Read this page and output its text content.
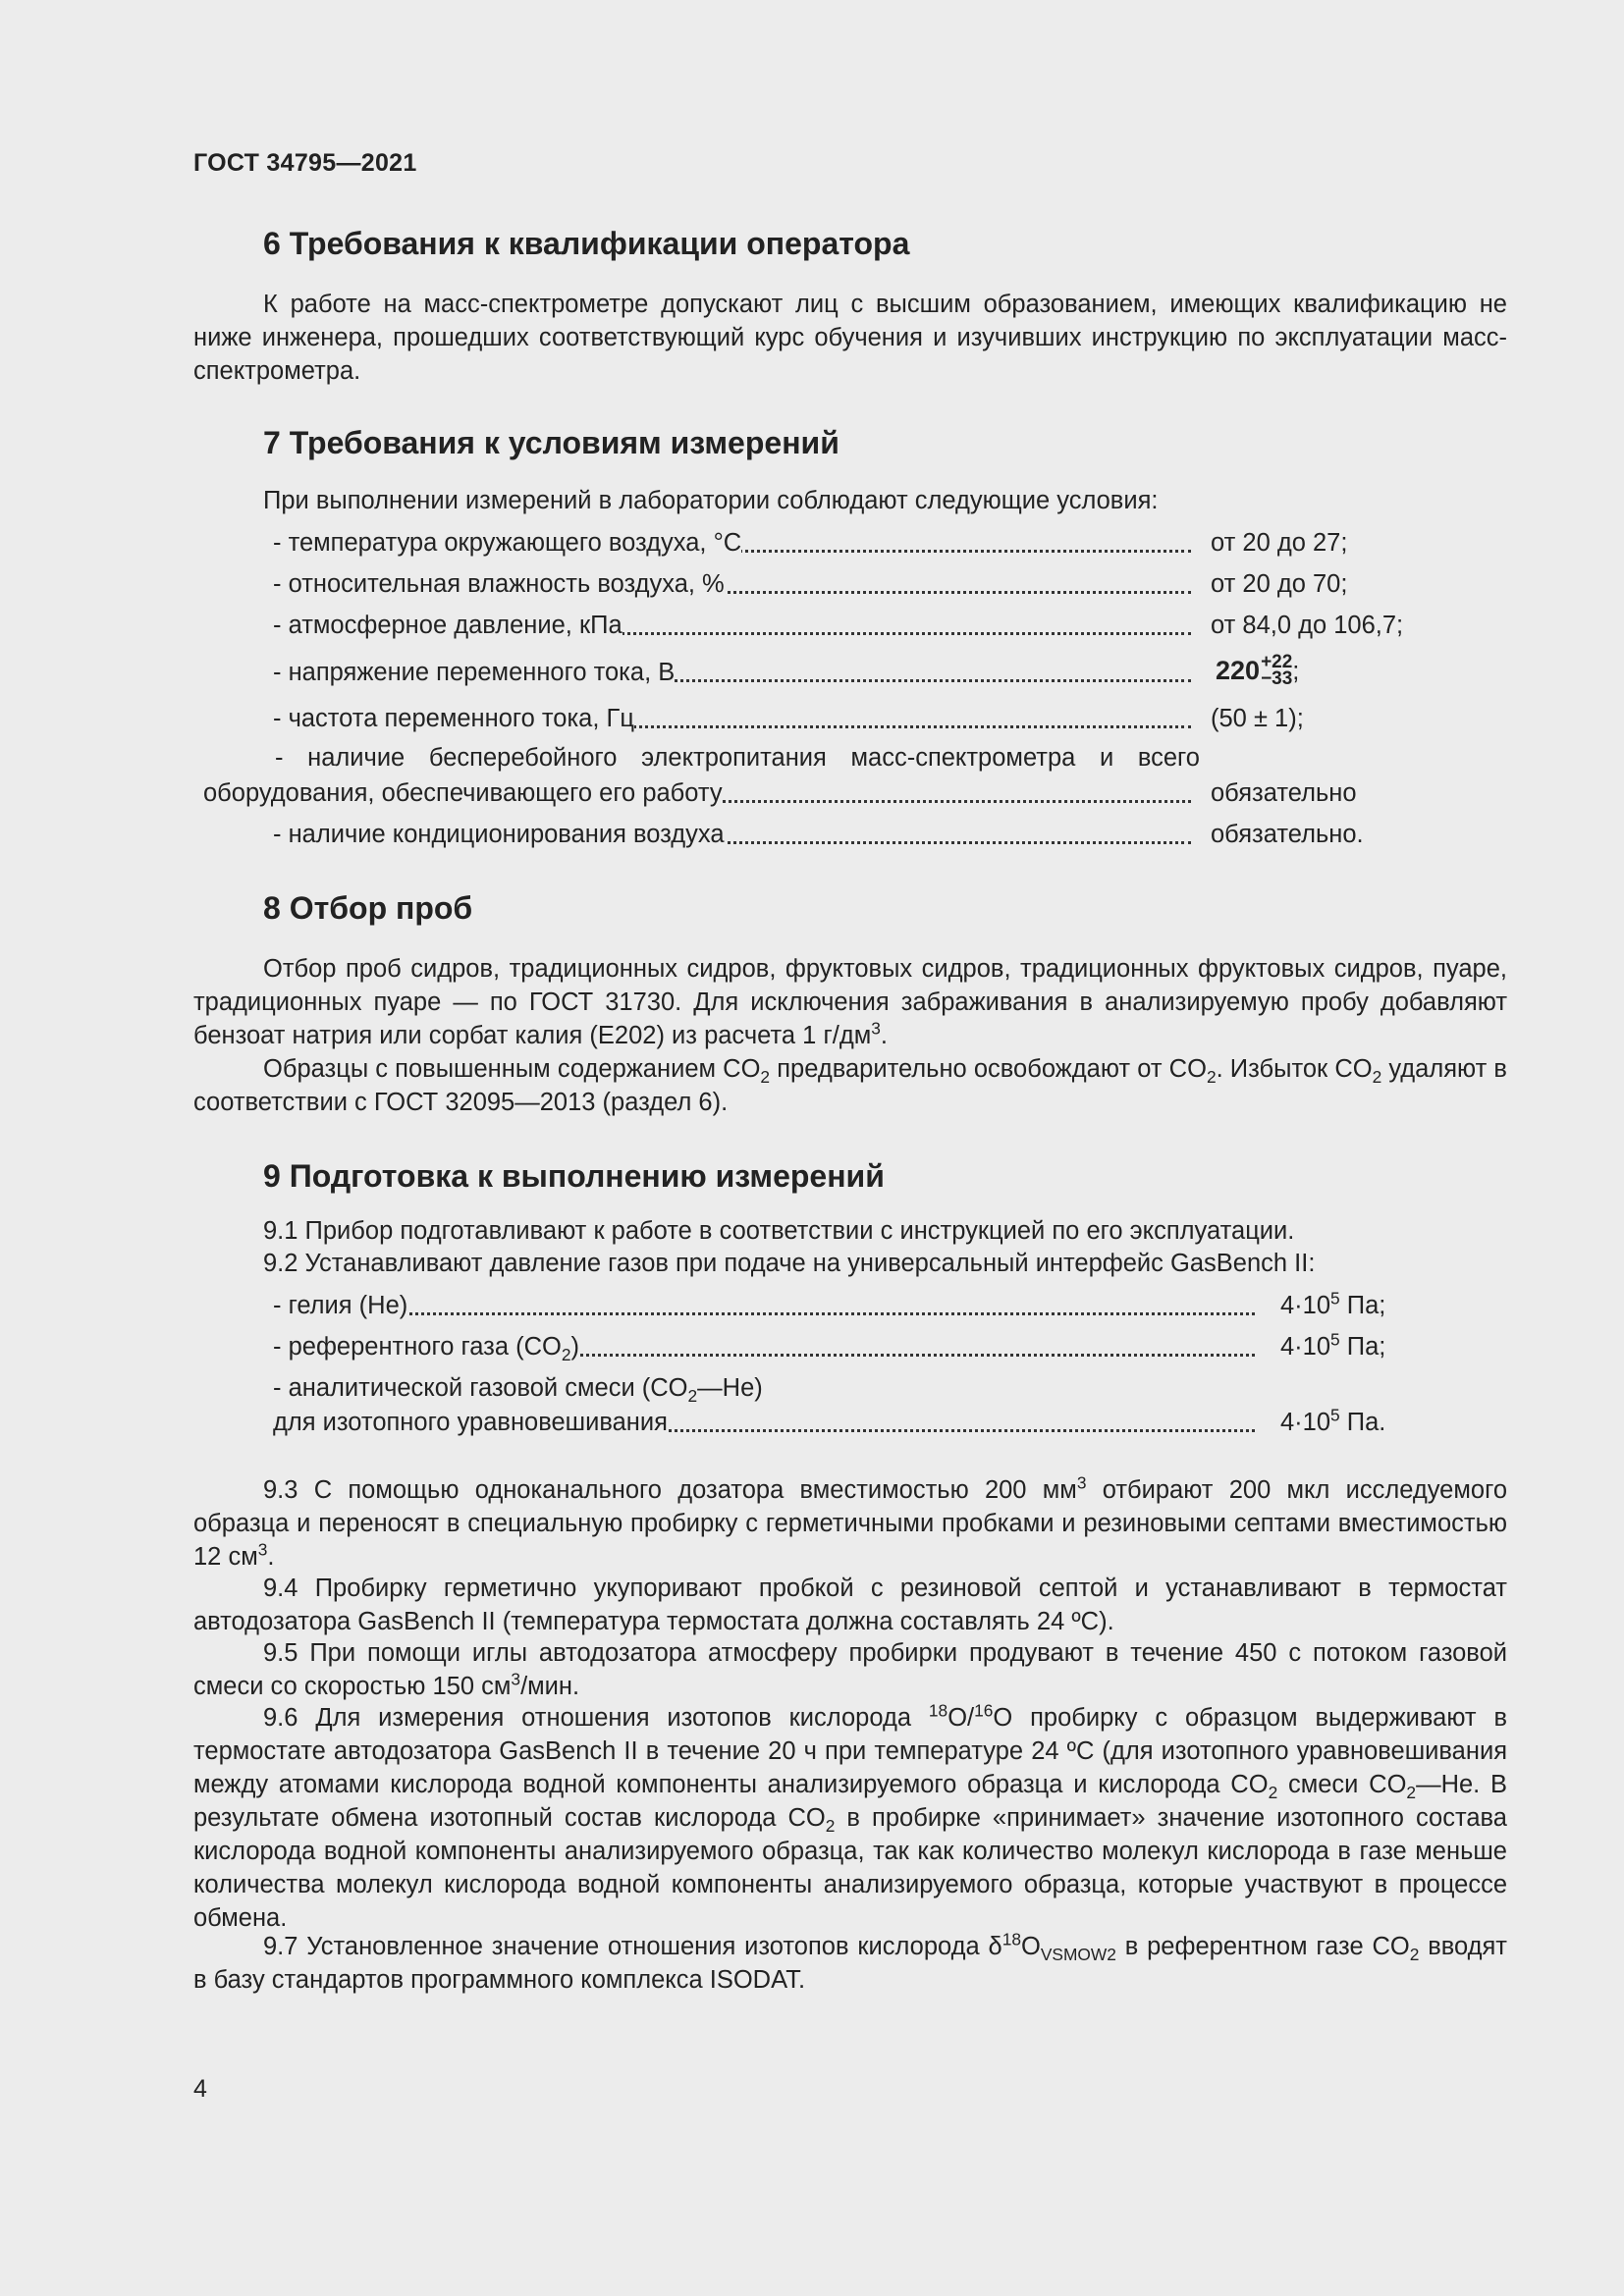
ГОСТ 34795—2021
6 Требования к квалификации оператора

К работе на масс-спектрометре допускают лиц с высшим образованием, имеющих квалификацию не ниже инженера, прошедших соответствующий курс обучения и изучивших инструкцию по эксплуатации масс-спектрометра.

7 Требования к условиям измерений
При выполнении измерений в лаборатории соблюдают следующие условия:
- температура окружающего воздуха, °С	от 20 до 27;
- относительная влажность воздуха, %	от 20 до 70;
- атмосферное давление, кПа	от 84,0 до 106,7;
- напряжение переменного тока, В	220 +22
−33 ;
- частота переменного тока, Гц	(50 ± 1);
- наличие бесперебойного электропитания масс-спектрометра и всего
оборудования, обеспечивающего его работу	обязательно
- наличие кондиционирования воздуха	обязательно.
8 Отбор проб

Отбор проб сидров, традиционных сидров, фруктовых сидров, традиционных фруктовых сидров, пуаре, традиционных пуаре — по ГОСТ 31730. Для исключения забраживания в анализируемую пробу добавляют бензоат натрия или сорбат калия (Е202) из расчета 1 $г/дм^3$.

Образцы с повышенным содержанием $CO_2$ предварительно освобождают от $CO_2$. Избыток $CO_2$ удаляют в соответствии с ГОСТ 32095—2013 (раздел 6).

9 Подготовка к выполнению измерений
9.1 Прибор подготавливают к работе в соответствии с инструкцией по его эксплуатации.
9.2 Устанавливают давление газов при подаче на универсальный интерфейс GasBench II:
- гелия (He)	$4\cdot 10^5$ Па;
- референтного газа $(CO_2)$	$4\cdot 10^5$ Па;
- аналитической газовой смеси $(CO_2—He)$
для изотопного уравновешивания	$4\cdot 10^5$ Па.

9.3 С помощью одноканального дозатора вместимостью 200 $мм^3$ отбирают 200 мкл исследуемого образца и переносят в специальную пробирку с герметичными пробками и резиновыми септами вместимостью 12 $см^3$.

9.4 Пробирку герметично укупоривают пробкой с резиновой септой и устанавливают в термостат автодозатора GasBench II (температура термостата должна составлять 24 ºС).

9.5 При помощи иглы автодозатора атмосферу пробирки продувают в течение 450 с потоком газовой смеси со скоростью 150 $см^3$/мин.

9.6 Для измерения отношения изотопов кислорода $^{18}$O/$^{16}$O пробирку с образцом выдерживают в термостате автодозатора GasBench II в течение 20 ч при температуре 24 ºС (для изотопного уравновешивания между атомами кислорода водной компоненты анализируемого образца и кислорода $CO_2$ смеси $CO_2—He$. В результате обмена изотопный состав кислорода $CO_2$ в пробирке «принимает» значение изотопного состава кислорода водной компоненты анализируемого образца, так как количество молекул кислорода в газе меньше количества молекул кислорода водной компоненты анализируемого образца, которые участвуют в процессе обмена.

9.7 Установленное значение отношения изотопов кислорода $\delta^{18}O_{VSMOW2}$ в референтном газе $CO_2$ вводят в базу стандартов программного комплекса ISODAT.

4
